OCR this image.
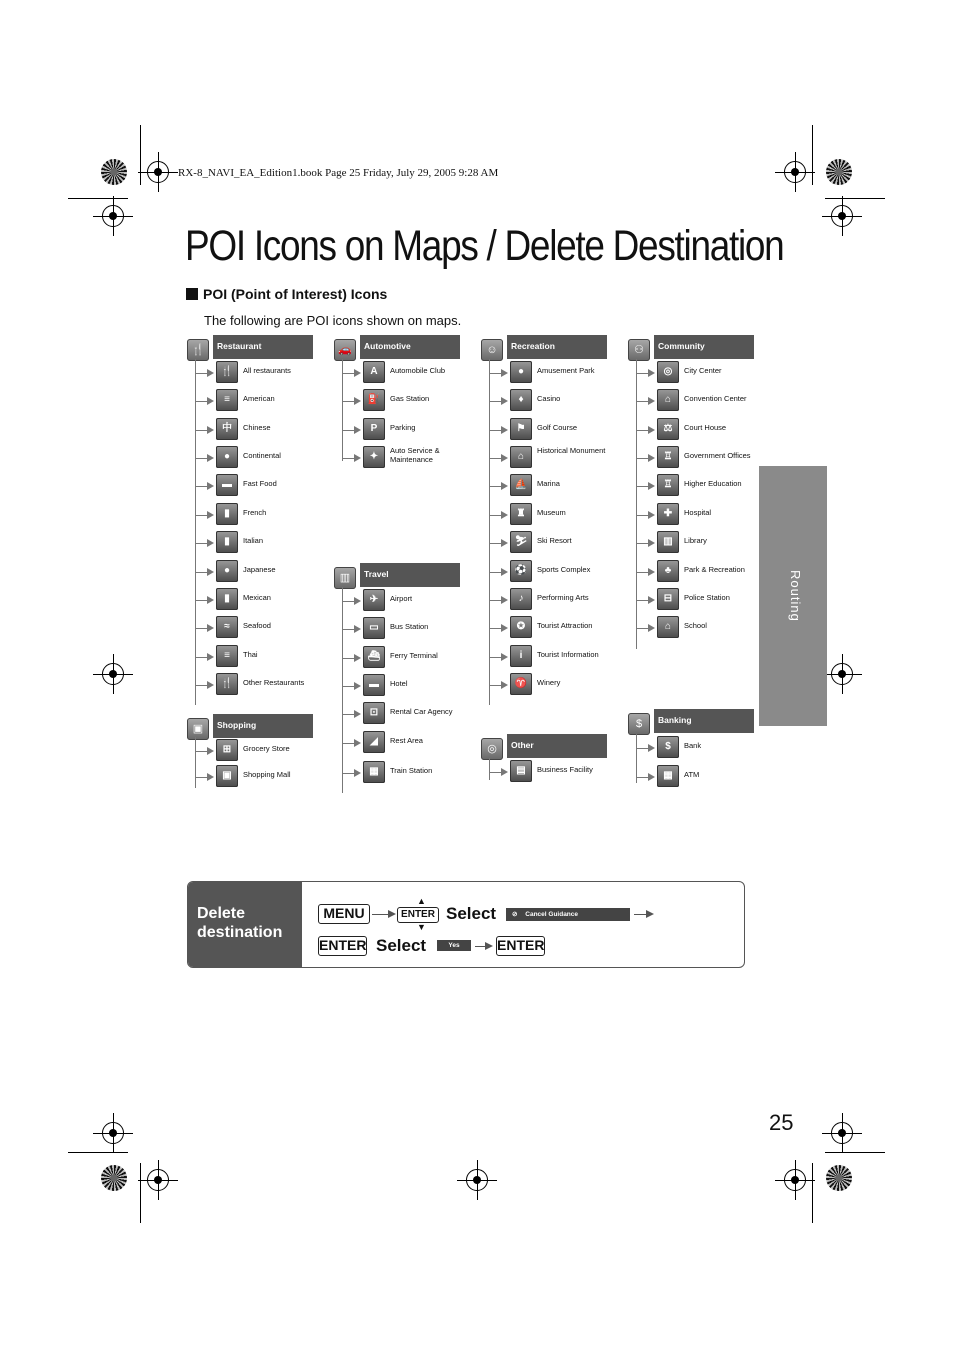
RX-8_NAVI_EA_Edition1.book Page 25 Friday, July 29, 2005 9:28 AM
POI Icons on Maps / Delete Destination
POI (Point of Interest) Icons
The following are POI icons shown on maps.
Routing
🍴	Restaurant
🍴	All restaurants
≡	American
中	Chinese
●	Continental
▬	Fast Food
▮	French
▮	Italian
●	Japanese
▮	Mexican
≈	Seafood
≡	Thai
🍴	Other Restaurants
▣	Shopping
⊞	Grocery Store
▣	Shopping Mall
🚗	Automotive
A	Automobile Club
⛽	Gas Station
P	Parking
✦
Auto Service & Maintenance
▥	Travel
✈	Airport
▭	Bus Station
⛴	Ferry Terminal
▬	Hotel
⊡	Rental Car Agency
◢	Rest Area
▦	Train Station
☺	Recreation
●	Amusement Park
♦	Casino
⚑	Golf Course
⌂
Historical Monument
⛵	Marina
♜	Museum
⛷	Ski Resort
⚽	Sports Complex
♪	Performing Arts
✪	Tourist Attraction
i	Tourist Information
♈	Winery
◎	Other
▤	Business Facility
⚇	Community
◎	City Center
⌂	Convention Center
⚖	Court House
♖	Government Offices
♖	Higher Education
✚	Hospital
▥	Library
♣	Park & Recreation
⊟	Police Station
⌂	School
$	Banking
$	Bank
▦	ATM
Delete
destination
MENU	ENTER
▲
▼
Select	⊘ Cancel Guidance
ENTER Select	Yes	ENTER
25
